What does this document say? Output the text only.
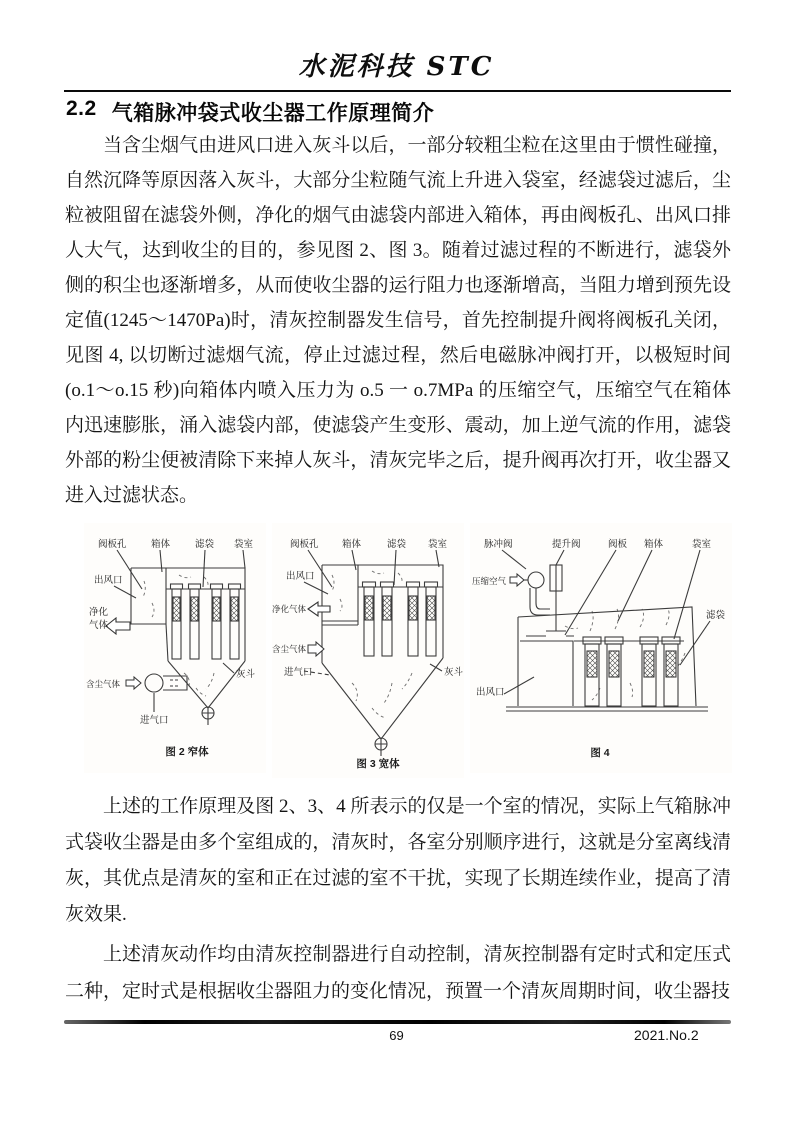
水泥科技 STC
2.2 气箱脉冲袋式收尘器工作原理简介

当含尘烟气由进风口进入灰斗以后，一部分较粗尘粒在这里由于惯性碰撞，自然沉降等原因落入灰斗，大部分尘粒随气流上升进入袋室，经滤袋过滤后，尘粒被阻留在滤袋外侧，净化的烟气由滤袋内部进入箱体，再由阀板孔、出风口排人大气，达到收尘的目的，参见图 2、图 3。随着过滤过程的不断进行，滤袋外侧的积尘也逐渐增多，从而使收尘器的运行阻力也逐渐增高，当阻力增到预先设定值(1245～1470Pa)时，清灰控制器发生信号，首先控制提升阀将阀板孔关闭，见图 4, 以切断过滤烟气流，停止过滤过程，然后电磁脉冲阀打开，以极短时间(o.1～o.15 秒)向箱体内喷入压力为 o.5 一 o.7MPa 的压缩空气，压缩空气在箱体内迅速膨胀，涌入滤袋内部，使滤袋产生变形、震动，加上逆气流的作用，滤袋外部的粉尘便被清除下来掉人灰斗，清灰完毕之后，提升阀再次打开，收尘器又进入过滤状态。

阀板孔	箱体	滤袋 袋室
出风口
净化
气体
含尘气体
进气口
灰斗
图 2 窄体
阀板孔 箱体	滤袋 袋室
出风口
净化气体
含尘气体
进气口	灰斗
图 3 宽体
脉冲阀	提升阀	阀板 箱体	袋室
压缩空气
滤袋
出风口
图 4

上述的工作原理及图 2、3、4 所表示的仅是一个室的情况，实际上气箱脉冲式袋收尘器是由多个室组成的，清灰时，各室分别顺序进行，这就是分室离线清灰，其优点是清灰的室和正在过滤的室不干扰，实现了长期连续作业，提高了清灰效果.

上述清灰动作均由清灰控制器进行自动控制，清灰控制器有定时式和定压式二种，定时式是根据收尘器阻力的变化情况，预置一个清灰周期时间，收尘器技

69	2021.No.2
